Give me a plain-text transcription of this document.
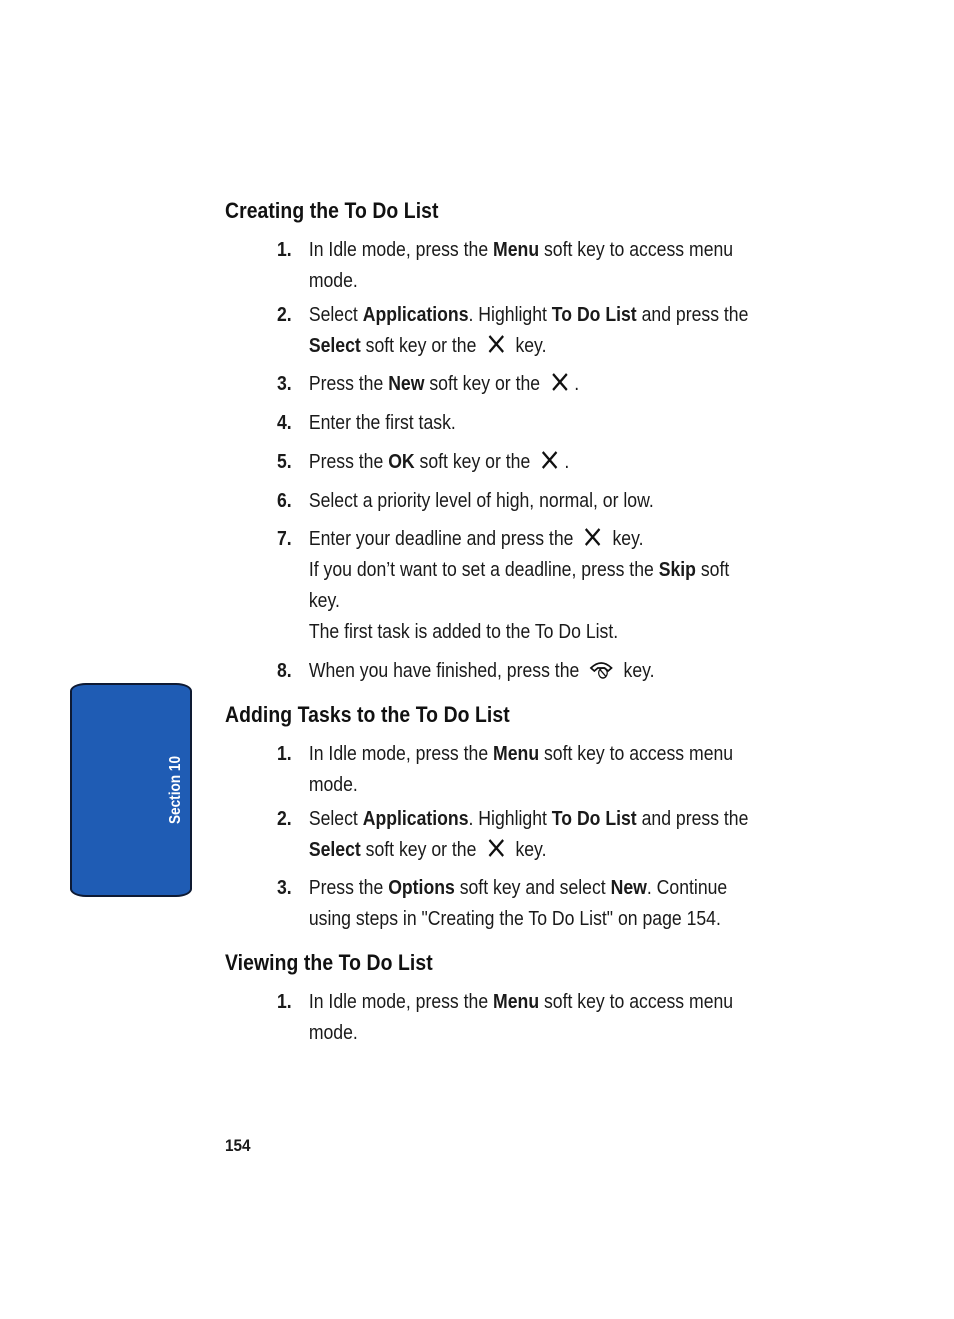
Creating the To Do List
1. In Idle mode, press the Menu soft key to access menu
mode.
2. Select Applications. Highlight To Do List and press the
Select soft key or the
key.
3. Press the New soft key or the
.
4. Enter the first task.
5. Press the OK soft key or the
.
6. Select a priority level of high, normal, or low.
7. Enter your deadline and press the
key.
If you don’t want to set a deadline, press the Skip soft
key.
The first task is added to the To Do List.
8. When you have finished, press the
key.
Adding Tasks to the To Do List
1. In Idle mode, press the Menu soft key to access menu
mode.
2. Select Applications. Highlight To Do List and press the
Select soft key or the
key.
3. Press the Options soft key and select New. Continue
using steps in "Creating the To Do List" on page 154.
Viewing the To Do List
1. In Idle mode, press the Menu soft key to access menu
mode.
Section 10
154
